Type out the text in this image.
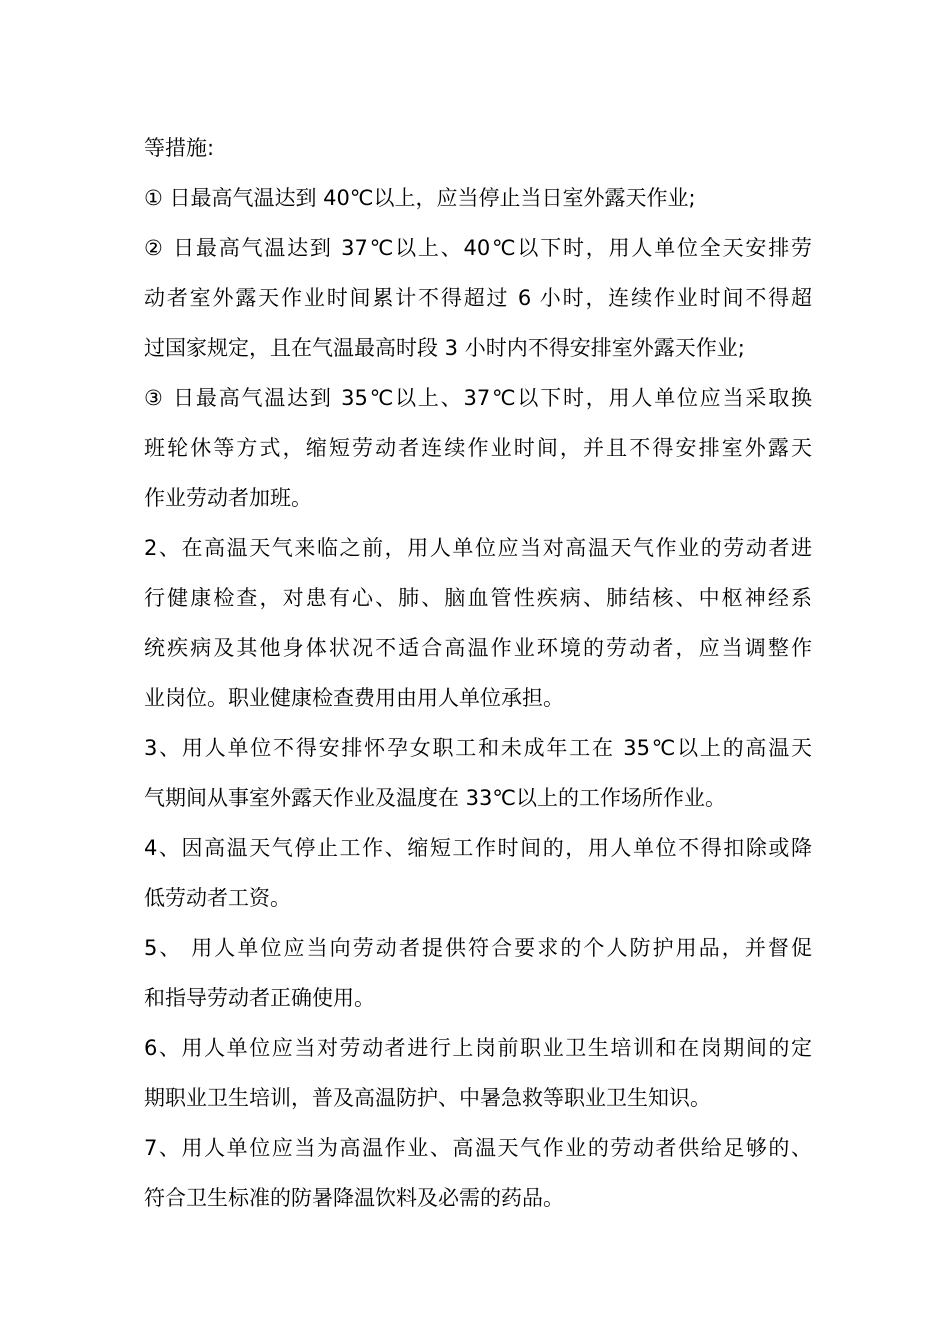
等措施:
① 日最高气温达到 40℃以上，应当停止当日室外露天作业;
② 日最高气温达到 37℃以上、40℃以下时，用人单位全天安排劳
动者室外露天作业时间累计不得超过 6 小时，连续作业时间不得超
过国家规定，且在气温最高时段 3 小时内不得安排室外露天作业;
③ 日最高气温达到 35℃以上、37℃以下时，用人单位应当采取换
班轮休等方式，缩短劳动者连续作业时间，并且不得安排室外露天
作业劳动者加班。
2、在高温天气来临之前，用人单位应当对高温天气作业的劳动者进
行健康检查，对患有心、肺、脑血管性疾病、肺结核、中枢神经系
统疾病及其他身体状况不适合高温作业环境的劳动者，应当调整作
业岗位。职业健康检查费用由用人单位承担。
3、用人单位不得安排怀孕女职工和未成年工在 35℃以上的高温天
气期间从事室外露天作业及温度在 33℃以上的工作场所作业。
4、因高温天气停止工作、缩短工作时间的，用人单位不得扣除或降
低劳动者工资。
5、 用人单位应当向劳动者提供符合要求的个人防护用品，并督促
和指导劳动者正确使用。
6、用人单位应当对劳动者进行上岗前职业卫生培训和在岗期间的定
期职业卫生培训，普及高温防护、中暑急救等职业卫生知识。
7、用人单位应当为高温作业、高温天气作业的劳动者供给足够的、
符合卫生标准的防暑降温饮料及必需的药品。
